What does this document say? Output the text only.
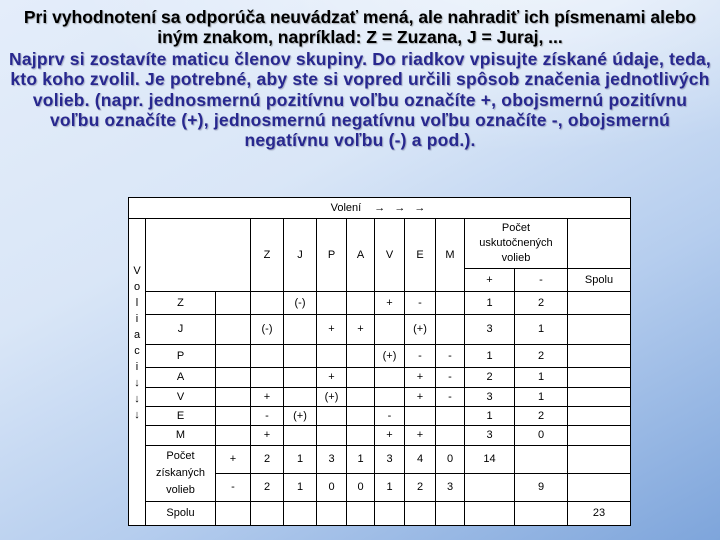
Pri vyhodnotení sa odporúča neuvádzať mená, ale nahradiť ich písmenami alebo iným znakom, napríklad: Z = Zuzana, J = Juraj, ...

Najprv si zostavíte maticu členov skupiny. Do riadkov vpisujte získané údaje, teda, kto koho zvolil. Je potrebné, aby ste si vopred určili spôsob značenia jednotlivých volieb. (napr. jednosmernú pozitívnu voľbu označíte +, obojsmernú pozitívnu voľbu označíte (+), jednosmernú negatívnu voľbu označíte -, obojsmernú negatívnu voľbu (-) a pod.).

Volení → → →												

V
o
l
i
a
c
i
↓
↓
↓
		Z	J	P	A	V	E	M	Počet uskutočnených volieb	
										+	-	Spolu
	Z			(-)			+	-		1	2	
	J		(-)		+	+		(+)		3	1	
	P						(+)	-	-	1	2	
	A				+			+	-	2	1	
	V		+		(+)			+	-	3	1	
	E		-	(+)			-			1	2	
	M		+				+	+		3	0	
	Počet získaných volieb	+	2	1	3	1	3	4	0	14		
		-	2	1	0	0	1	2	3		9	
	Spolu											23
